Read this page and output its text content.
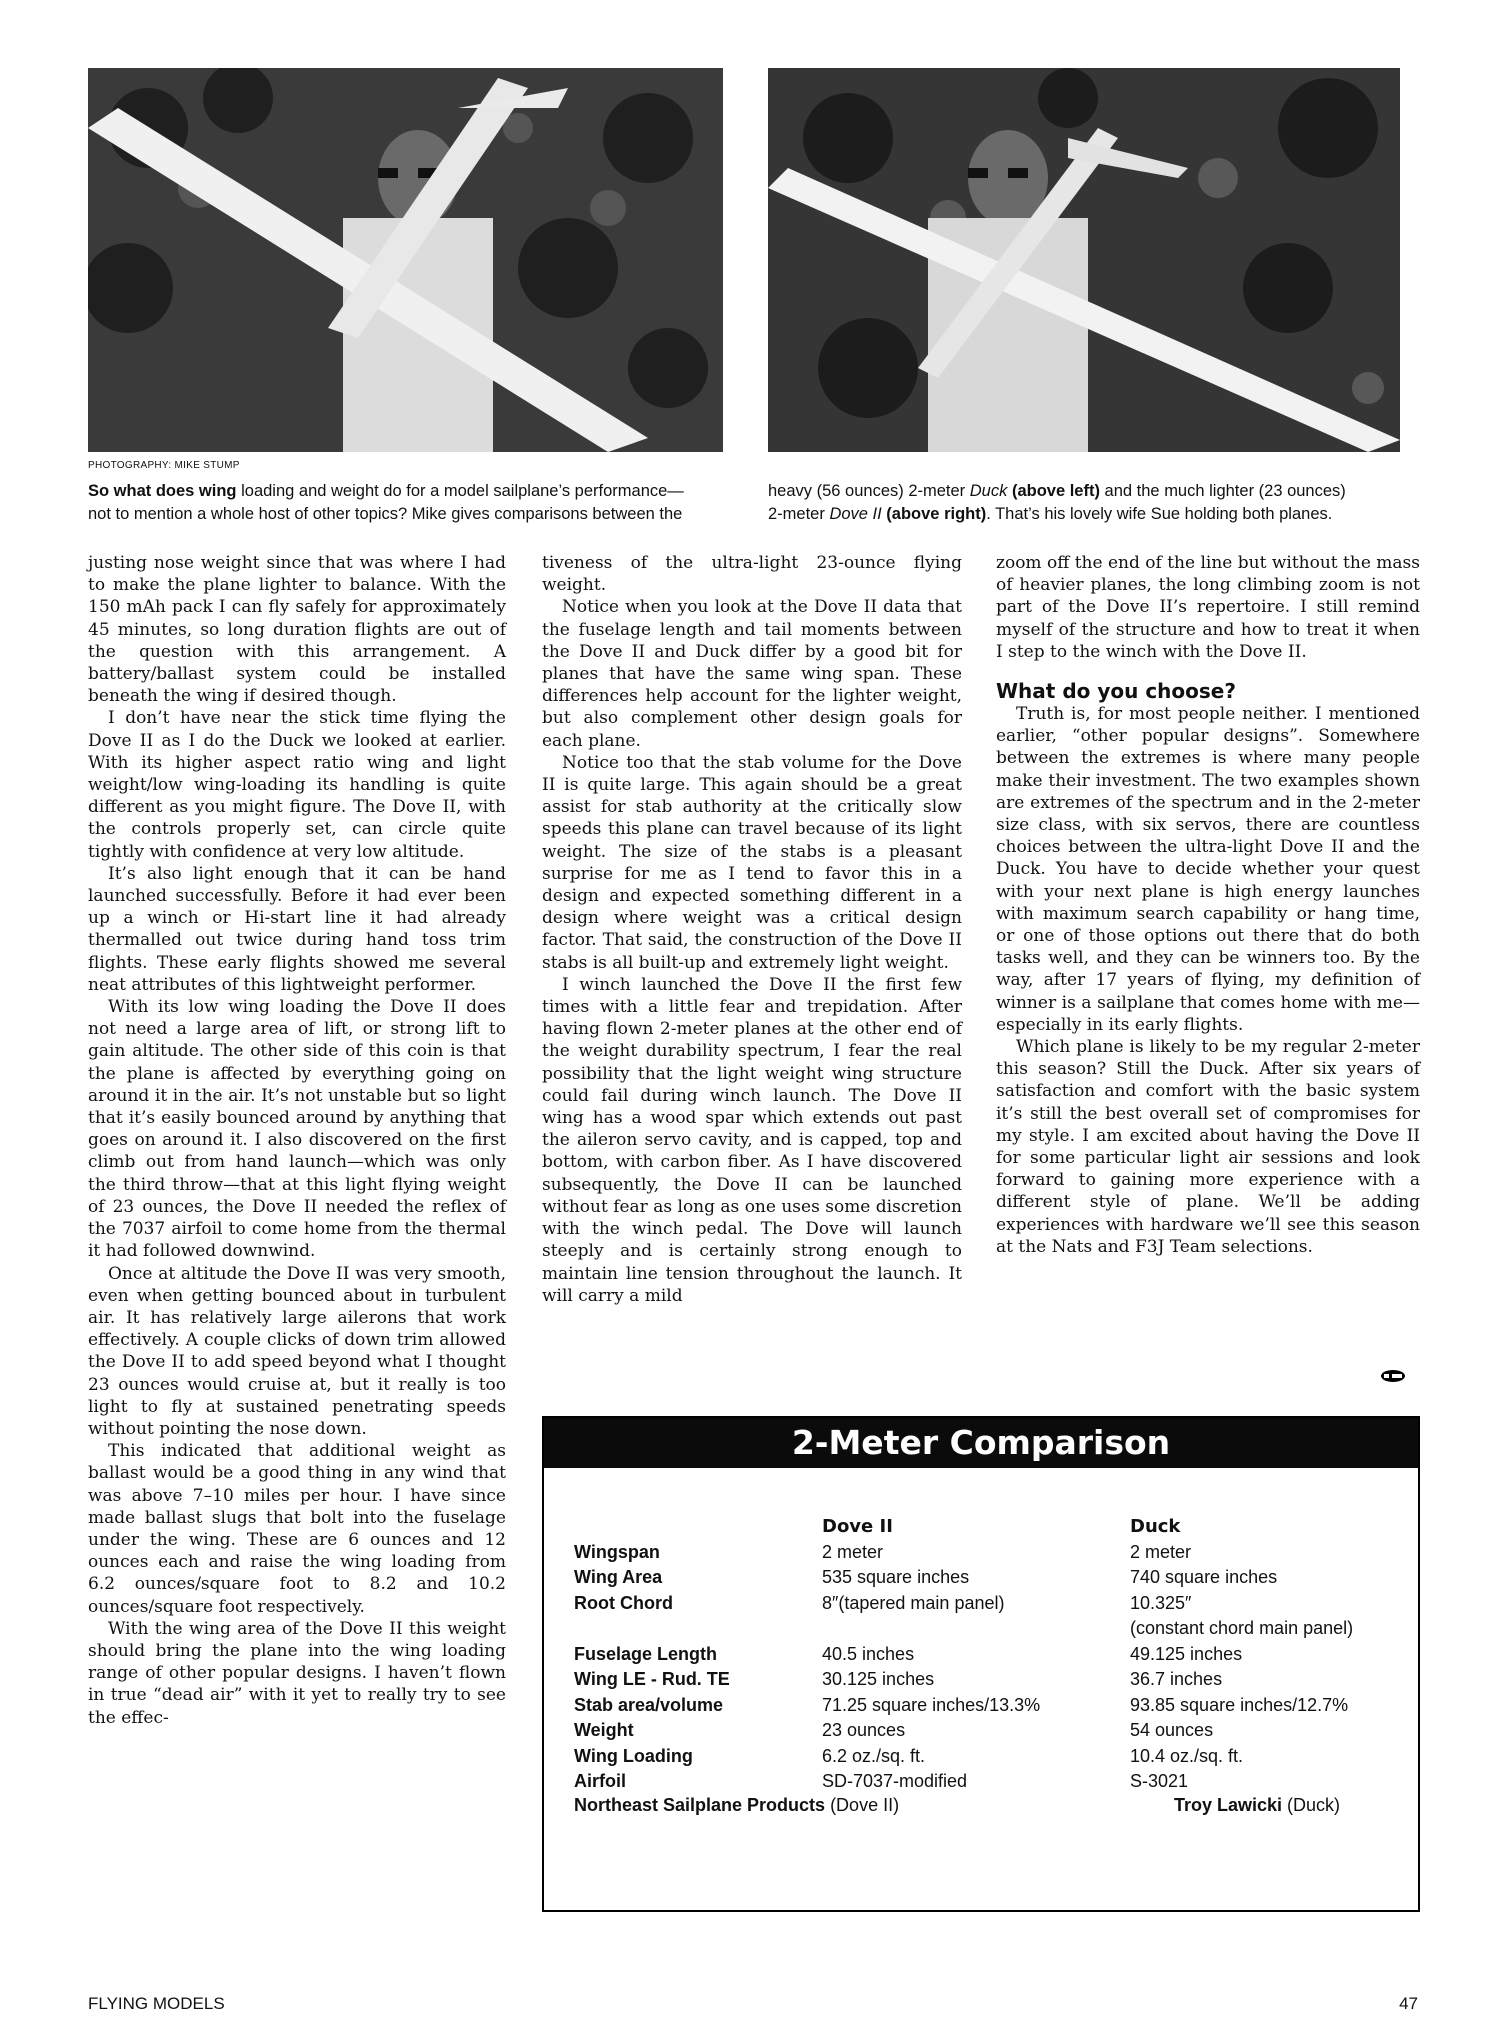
PHOTOGRAPHY: MIKE STUMP
So what does wing loading and weight do for a model sailplane’s performance—
not to mention a whole host of other topics? Mike gives comparisons between the
heavy (56 ounces) 2-meter Duck (above left) and the much lighter (23 ounces)
2-meter Dove II (above right). That’s his lovely wife Sue holding both planes.

justing nose weight since that was where I had to make the plane lighter to balance. With the 150 mAh pack I can fly safely for approximately 45 minutes, so long duration flights are out of the question with this arrangement. A battery/ballast system could be installed beneath the wing if desired though.

I don’t have near the stick time flying the Dove II as I do the Duck we looked at earlier. With its higher aspect ratio wing and light weight/low wing-loading its handling is quite different as you might figure. The Dove II, with the controls properly set, can circle quite tightly with confidence at very low altitude.

It’s also light enough that it can be hand launched successfully. Before it had ever been up a winch or Hi-start line it had already thermalled out twice during hand toss trim flights. These early flights showed me several neat attributes of this lightweight performer.

With its low wing loading the Dove II does not need a large area of lift, or strong lift to gain altitude. The other side of this coin is that the plane is affected by everything going on around it in the air. It’s not unstable but so light that it’s easily bounced around by anything that goes on around it. I also discovered on the first climb out from hand launch—which was only the third throw—that at this light flying weight of 23 ounces, the Dove II needed the reflex of the 7037 airfoil to come home from the thermal it had followed downwind.

Once at altitude the Dove II was very smooth, even when getting bounced about in turbulent air. It has relatively large ailerons that work effectively. A couple clicks of down trim allowed the Dove II to add speed beyond what I thought 23 ounces would cruise at, but it really is too light to fly at sustained penetrating speeds without pointing the nose down.

This indicated that additional weight as ballast would be a good thing in any wind that was above 7–10 miles per hour. I have since made ballast slugs that bolt into the fuselage under the wing. These are 6 ounces and 12 ounces each and raise the wing loading from 6.2 ounces/square foot to 8.2 and 10.2 ounces/square foot respectively.

With the wing area of the Dove II this weight should bring the plane into the wing loading range of other popular designs. I haven’t flown in true “dead air” with it yet to really try to see the effec-

tiveness of the ultra-light 23-ounce flying weight.

Notice when you look at the Dove II data that the fuselage length and tail moments between the Dove II and Duck differ by a good bit for planes that have the same wing span. These differences help account for the lighter weight, but also complement other design goals for each plane.

Notice too that the stab volume for the Dove II is quite large. This again should be a great assist for stab authority at the critically slow speeds this plane can travel because of its light weight. The size of the stabs is a pleasant surprise for me as I tend to favor this in a design and expected something different in a design where weight was a critical design factor. That said, the construction of the Dove II stabs is all built-up and extremely light weight.

I winch launched the Dove II the first few times with a little fear and trepidation. After having flown 2-meter planes at the other end of the weight durability spectrum, I fear the real possibility that the light weight wing structure could fail during winch launch. The Dove II wing has a wood spar which extends out past the aileron servo cavity, and is capped, top and bottom, with carbon fiber. As I have discovered subsequently, the Dove II can be launched without fear as long as one uses some discretion with the winch pedal. The Dove will launch steeply and is certainly strong enough to maintain line tension throughout the launch. It will carry a mild

zoom off the end of the line but without the mass of heavier planes, the long climbing zoom is not part of the Dove II’s repertoire. I still remind myself of the structure and how to treat it when I step to the winch with the Dove II.

What do you choose?

Truth is, for most people neither. I mentioned earlier, “other popular designs”. Somewhere between the extremes is where many people make their investment. The two examples shown are extremes of the spectrum and in the 2-meter size class, with six servos, there are countless choices between the ultra-light Dove II and the Duck. You have to decide whether your quest with your next plane is high energy launches with maximum search capability or hang time, or one of those options out there that do both tasks well, and they can be winners too. By the way, after 17 years of flying, my definition of winner is a sailplane that comes home with me—especially in its early flights.

Which plane is likely to be my regular 2-meter this season? Still the Duck. After six years of satisfaction and comfort with the basic system it’s still the best overall set of compromises for my style. I am excited about having the Dove II for some particular light air sessions and look forward to gaining more experience with a different style of plane. We’ll be adding experiences with hardware we’ll see this season at the Nats and F3J Team selections.

2-Meter Comparison
Wingspan
Wing Area
Root Chord
Fuselage Length
Wing LE - Rud. TE
Stab area/volume
Weight
Wing Loading
Airfoil
Dove II
2 meter
535 square inches
8″(tapered main panel)
40.5 inches
30.125 inches
71.25 square inches/13.3%
23 ounces
6.2 oz./sq. ft.
SD-7037-modified
Duck
2 meter
740 square inches
10.325″
(constant chord main panel)
49.125 inches
36.7 inches
93.85 square inches/12.7%
54 ounces
10.4 oz./sq. ft.
S-3021
Northeast Sailplane Products (Dove II)	Troy Lawicki (Duck)
FLYING MODELS	47
